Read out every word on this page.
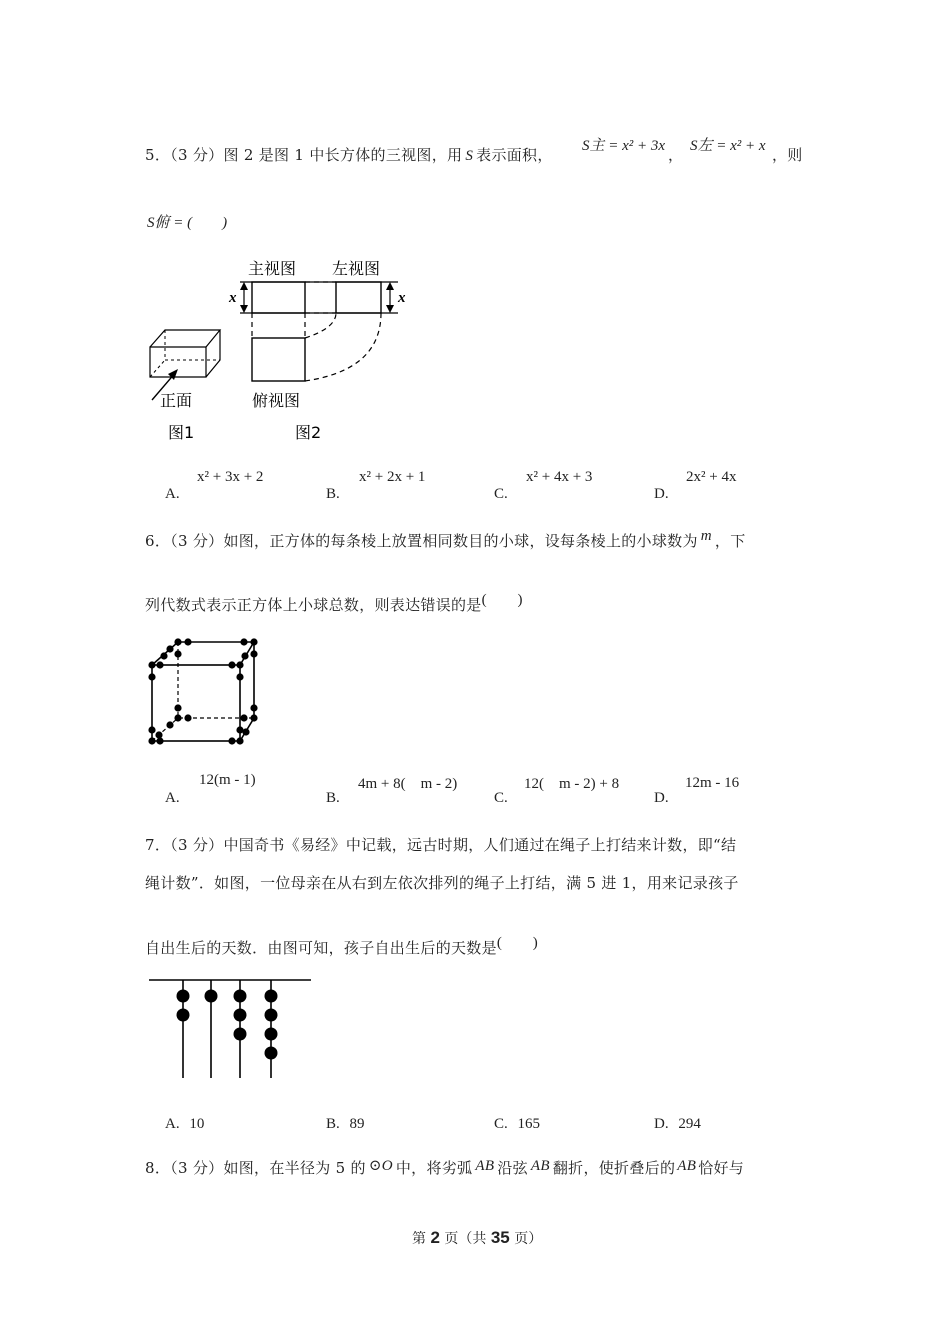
5．（3 分）图 2 是图 1 中长方体的三视图，用 S 表示面积， S主 = x² + 3x ， S左 = x² + x ，则
S俯 = (　　)
主视图 左视图
x	x
俯视图
正面
图1	图2
x² + 3x + 2
A.
x² + 2x + 1
B.
x² + 4x + 3
C.
2x² + 4x
D.
6．（3 分）如图，正方体的每条棱上放置相同数目的小球，设每条棱上的小球数为 m ，下
列代数式表示正方体上小球总数，则表达错误的是(　　)
12(m - 1)
A.
4m + 8(　m - 2)
B.
12(　m - 2) + 8
C.
12m - 16
D.
7．（3 分）中国奇书《易经》中记载，远古时期，人们通过在绳子上打结来计数，即“结
绳计数”．如图，一位母亲在从右到左依次排列的绳子上打结，满 5 进 1，用来记录孩子
自出生后的天数．由图可知，孩子自出生后的天数是(　　)
A. 10	B. 89	C. 165	D. 294
8．（3 分）如图，在半径为 5 的 ⊙O 中，将劣弧 AB 沿弦 AB 翻折，使折叠后的 AB 恰好与
第 2 页（共 35 页）
